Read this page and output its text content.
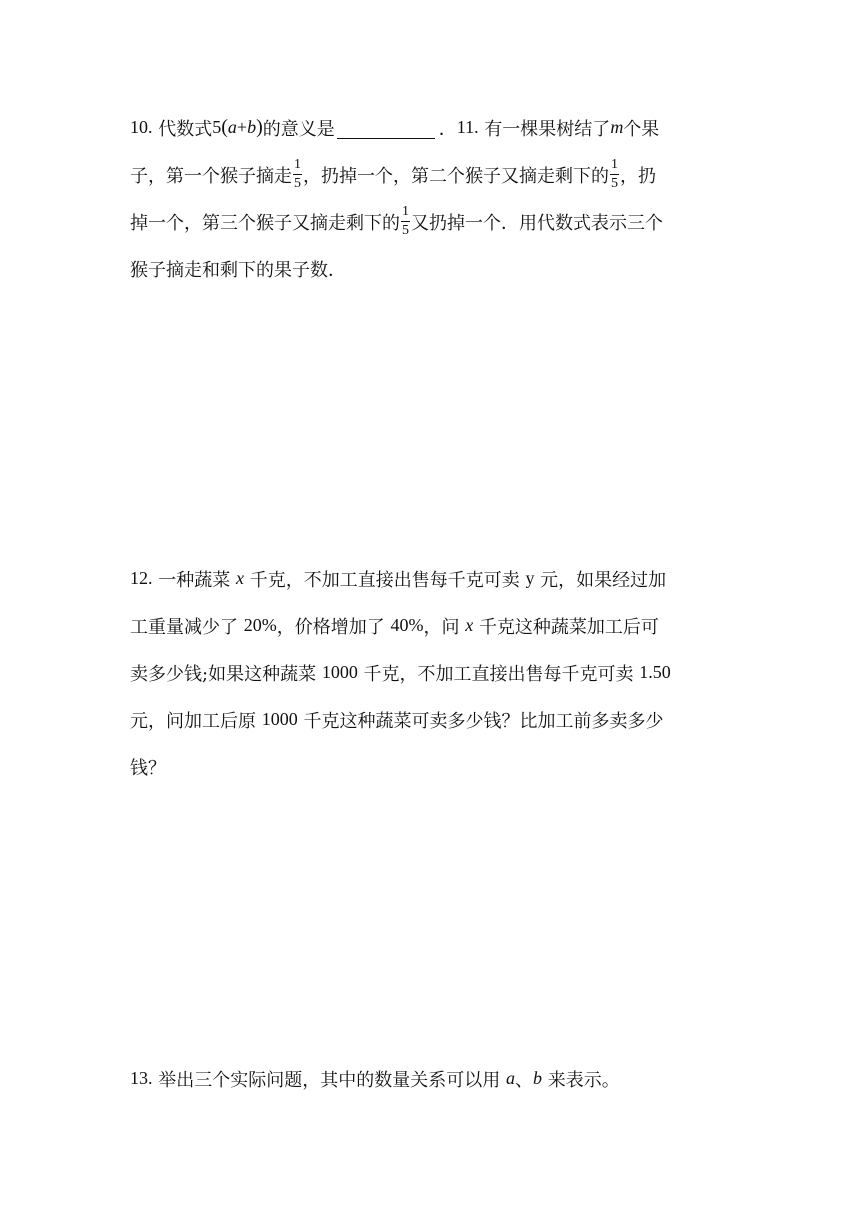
10.
代数式 5(a+b) 的意义是	． 11.
有一棵果树结了 m 个果
子，第一个猴子摘走 $\frac{1}{5}$ ，扔掉一个，第二个猴子又摘走剩下的 $\frac{1}{5}$ ，扔
掉一个，第三个猴子又摘走剩下的 $\frac{1}{5}$ 又扔掉一个．用代数式表示三个
猴子摘走和剩下的果子数．
12.
一种蔬菜
x
千克，不加工直接出售每千克可卖
y
元，如果经过加
工重量减少了
20% ，价格增加了
40% ，问
x
千克这种蔬菜加工后可
卖多少钱;如果这种蔬菜
1000
千克，不加工直接出售每千克可卖
1.50
元，问加工后原
1000
千克这种蔬菜可卖多少钱？比加工前多卖多少
钱？
13.
举出三个实际问题，其中的数量关系可以用
a 、 b
来表示。
